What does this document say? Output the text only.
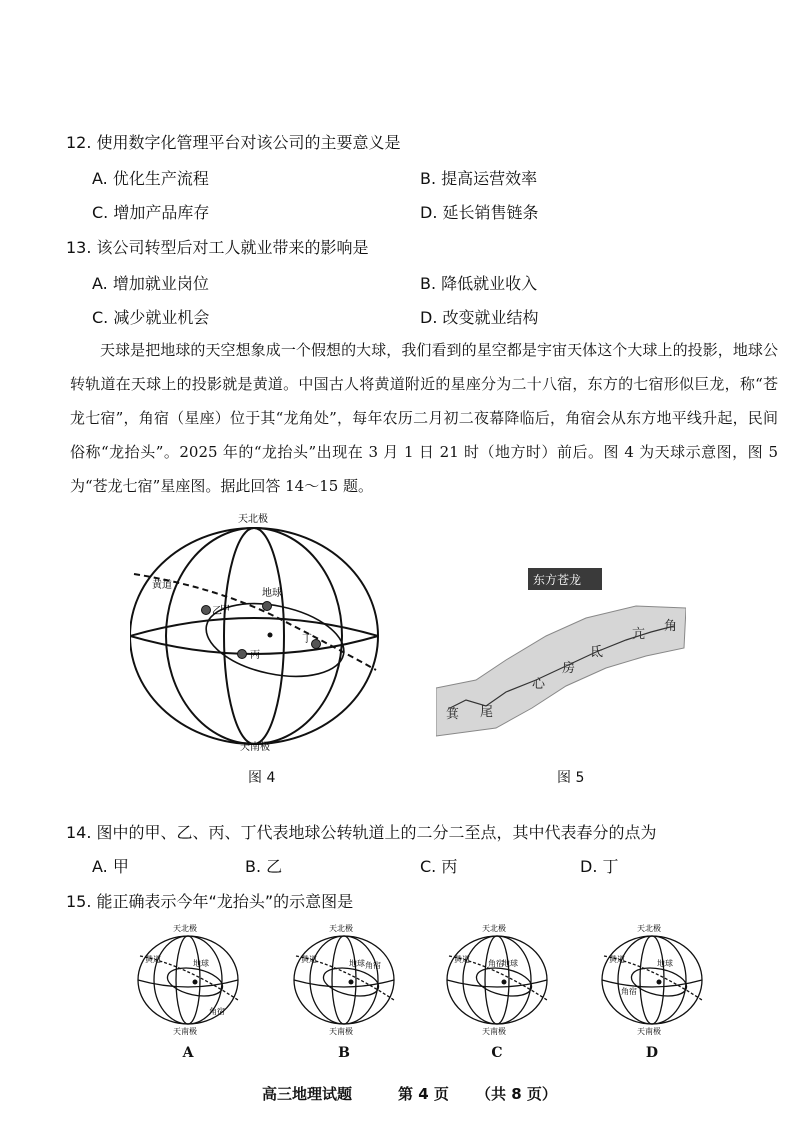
12. 使用数字化管理平台对该公司的主要意义是
A. 优化生产流程	B. 提高运营效率
C. 增加产品库存	D. 延长销售链条
13. 该公司转型后对工人就业带来的影响是
A. 增加就业岗位	B. 降低就业收入
C. 减少就业机会	D. 改变就业结构

天球是把地球的天空想象成一个假想的大球，我们看到的星空都是宇宙天体这个大球上的投影，地球公转轨道在天球上的投影就是黄道。中国古人将黄道附近的星座分为二十八宿，东方的七宿形似巨龙，称“苍龙七宿”，角宿（星座）位于其“龙角处”，每年农历二月初二夜幕降临后，角宿会从东方地平线升起，民间俗称“龙抬头”。2025 年的“龙抬头”出现在 3 月 1 日 21 时（地方时）前后。图 4 为天球示意图，图 5 为“苍龙七宿”星座图。据此回答 14～15 题。

天北极
天南极
黄道
地球
甲
乙
丙
丁
图 4
东方苍龙
角
亢
氐
房
心
尾
箕
图 5
14. 图中的甲、乙、丙、丁代表地球公转轨道上的二分二至点，其中代表春分的点为
A. 甲	B. 乙	C. 丙	D. 丁
15. 能正确表示今年“龙抬头”的示意图是
天北极
天南极
黄道	地球
角宿
A
天北极
天南极
黄道	地球 角宿
B
天北极
天南极
黄道	地球
角宿
C
天北极
天南极
黄道	地球
角宿
D
高三地理试题	第 4 页 （共 8 页）
